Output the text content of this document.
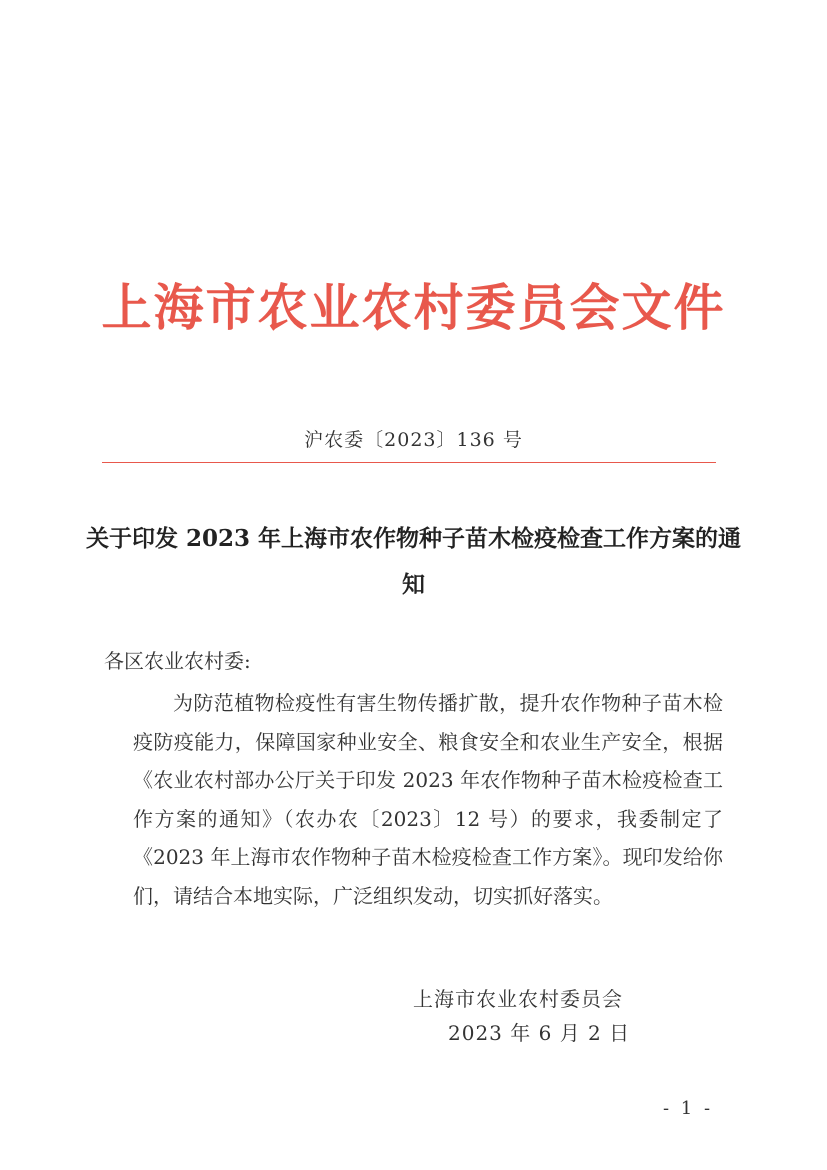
上海市农业农村委员会文件
沪农委〔2023〕136 号
关于印发 2023 年上海市农作物种子苗木检疫检查工作方案的通知
各区农业农村委:

为防范植物检疫性有害生物传播扩散，提升农作物种子苗木检疫防疫能力，保障国家种业安全、粮食安全和农业生产安全，根据《农业农村部办公厅关于印发 2023 年农作物种子苗木检疫检查工作方案的通知》（农办农〔2023〕12 号）的要求，我委制定了《2023 年上海市农作物种子苗木检疫检查工作方案》。现印发给你们，请结合本地实际，广泛组织发动，切实抓好落实。

上海市农业农村委员会
2023 年 6 月 2 日
- 1 -
